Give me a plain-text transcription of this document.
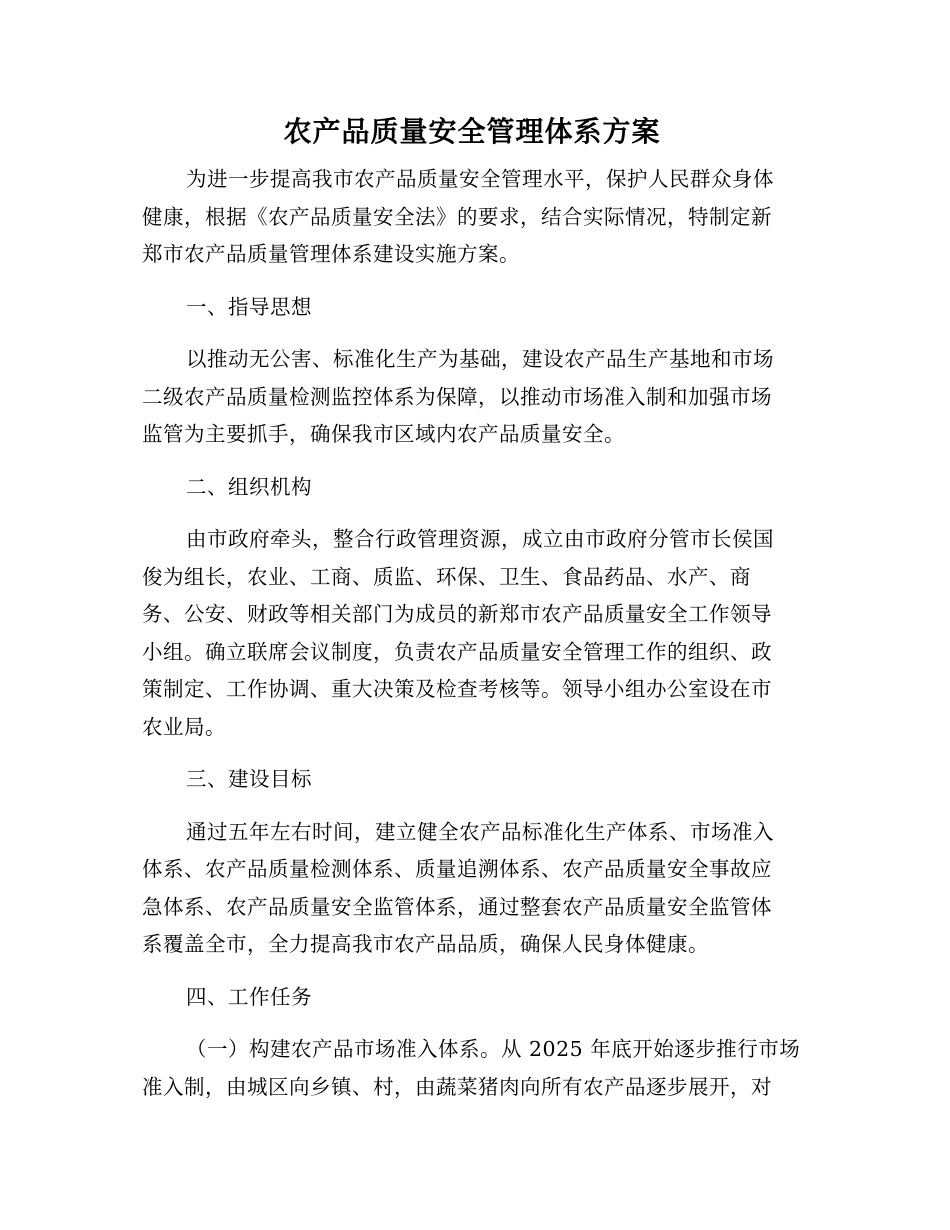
农产品质量安全管理体系方案

为进一步提高我市农产品质量安全管理水平，保护人民群众身体
健康，根据《农产品质量安全法》的要求，结合实际情况，特制定新
郑市农产品质量管理体系建设实施方案。

一、指导思想

以推动无公害、标准化生产为基础，建设农产品生产基地和市场
二级农产品质量检测监控体系为保障，以推动市场准入制和加强市场
监管为主要抓手，确保我市区域内农产品质量安全。

二、组织机构

由市政府牵头，整合行政管理资源，成立由市政府分管市长侯国
俊为组长，农业、工商、质监、环保、卫生、食品药品、水产、商
务、公安、财政等相关部门为成员的新郑市农产品质量安全工作领导
小组。确立联席会议制度，负责农产品质量安全管理工作的组织、政
策制定、工作协调、重大决策及检查考核等。领导小组办公室设在市
农业局。

三、建设目标

通过五年左右时间，建立健全农产品标准化生产体系、市场准入
体系、农产品质量检测体系、质量追溯体系、农产品质量安全事故应
急体系、农产品质量安全监管体系，通过整套农产品质量安全监管体
系覆盖全市，全力提高我市农产品品质，确保人民身体健康。

四、工作任务

（一）构建农产品市场准入体系。从 2025 年底开始逐步推行市场
准入制，由城区向乡镇、村，由蔬菜猪肉向所有农产品逐步展开，对
